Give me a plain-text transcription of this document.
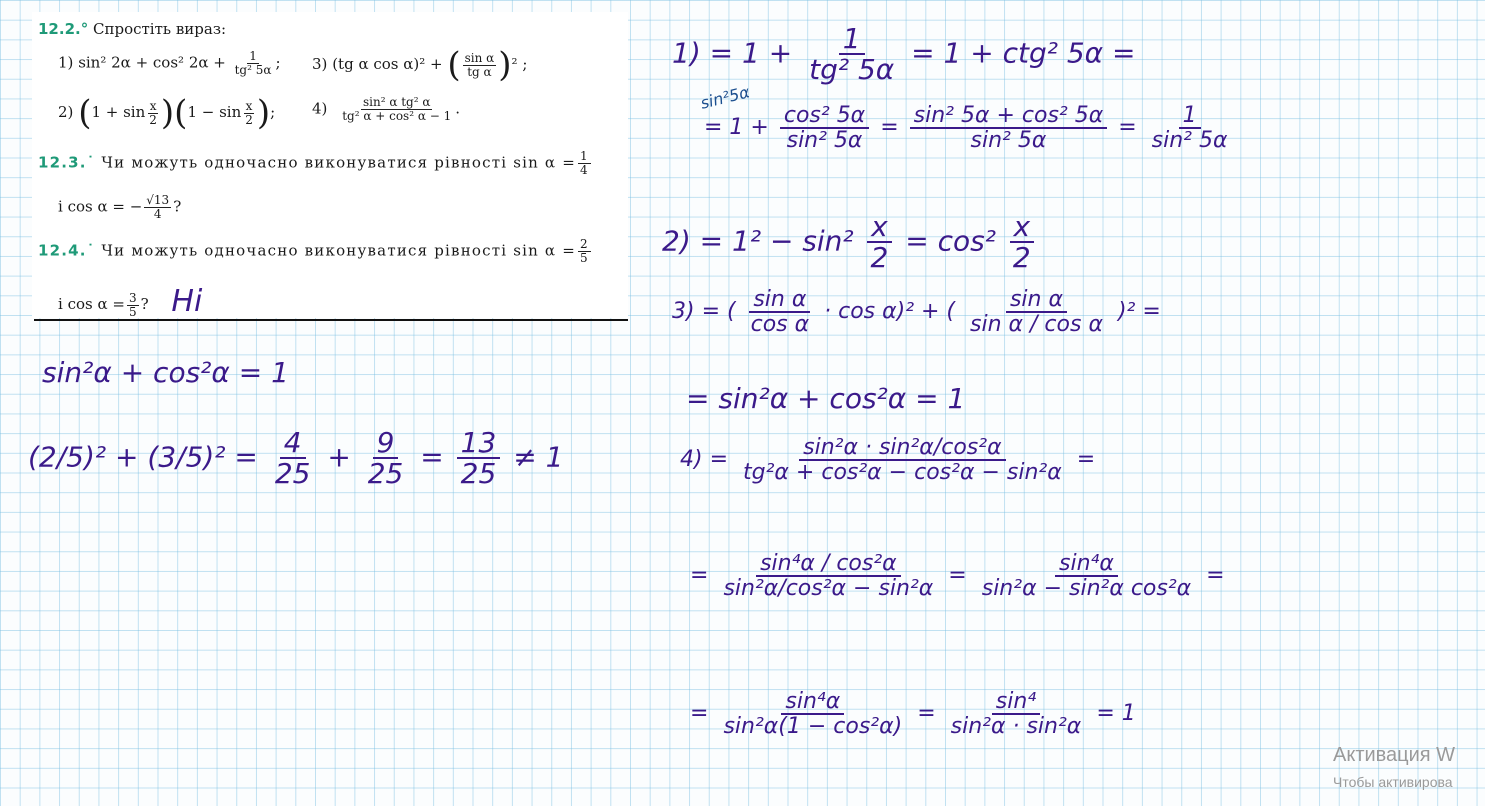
12.2.° Спростіть вираз:
1) sin² 2α + cos² $2\alpha + \frac{1}{\text{tg² 5α}}$ ; 3) (tg α cos α)² + ( $\frac{\text{sin α}}{\text{tg α}} )^2$ ;
2) $(1 + \sin \frac{x}{2} )(1 - \sin \frac{x}{2}$ ); $4) \frac{\text{sin² α tg² α}}{\text{tg² α + cos² α − 1}}$ .
12.3.˙ Чи можуть одночасно виконуватися рівності $\sin \alpha = \frac{1}{4}$
і cos α = − $\frac{√13}{4}$ ?
12.4.˙ Чи можуть одночасно виконуватися рівності $\sin \alpha = \frac{2}{5}$
і $\cos \alpha = \frac{3}{5}$ ? Hi
sin²α + cos²α = 1
$(2/5)^2 + (3/5)^2 = \frac{4}{25} + \frac{9}{25} = \frac{13}{25} \ne 1$
$1) = 1 + \frac{1}{\text{tg² 5α}} = 1 + ctg^2$ 5α =
sin²5α
= $1 + \frac{\text{cos² 5α}}{\text{sin² 5α}} = \frac{\text{sin² 5α + cos² 5α}}{\text{sin² 5α}} = \frac{1}{\text{sin² 5α}}$
$2) = 1^2 - \sin^2 \frac{x}{2} = \cos^2 \frac{x}{2}$
3) = ( $\frac{\text{sin α}}{\text{cos α}} \cdot \cos \alpha)^2$ + ( $\frac{\text{sin α}}{\text{sin α / cos α}} )^2$ =
= sin²α + cos²α = 1
$4) = \frac{\text{sin²α · sin²α/cos²α}}{\text{tg²α + cos²α − cos²α − sin²α}}$ =
= $\frac{\text{sin⁴α / cos²α}}{\text{sin²α/cos²α − sin²α}} = \frac{\text{sin⁴α}}{\text{sin²α − sin²α cos²α}}$ =
= $\frac{\text{sin⁴α}}{\text{sin²α(1 − cos²α)}} = \frac{\text{sin⁴}}{\text{sin²α · sin²α}} = 1$
Активация W
Чтобы активирова
